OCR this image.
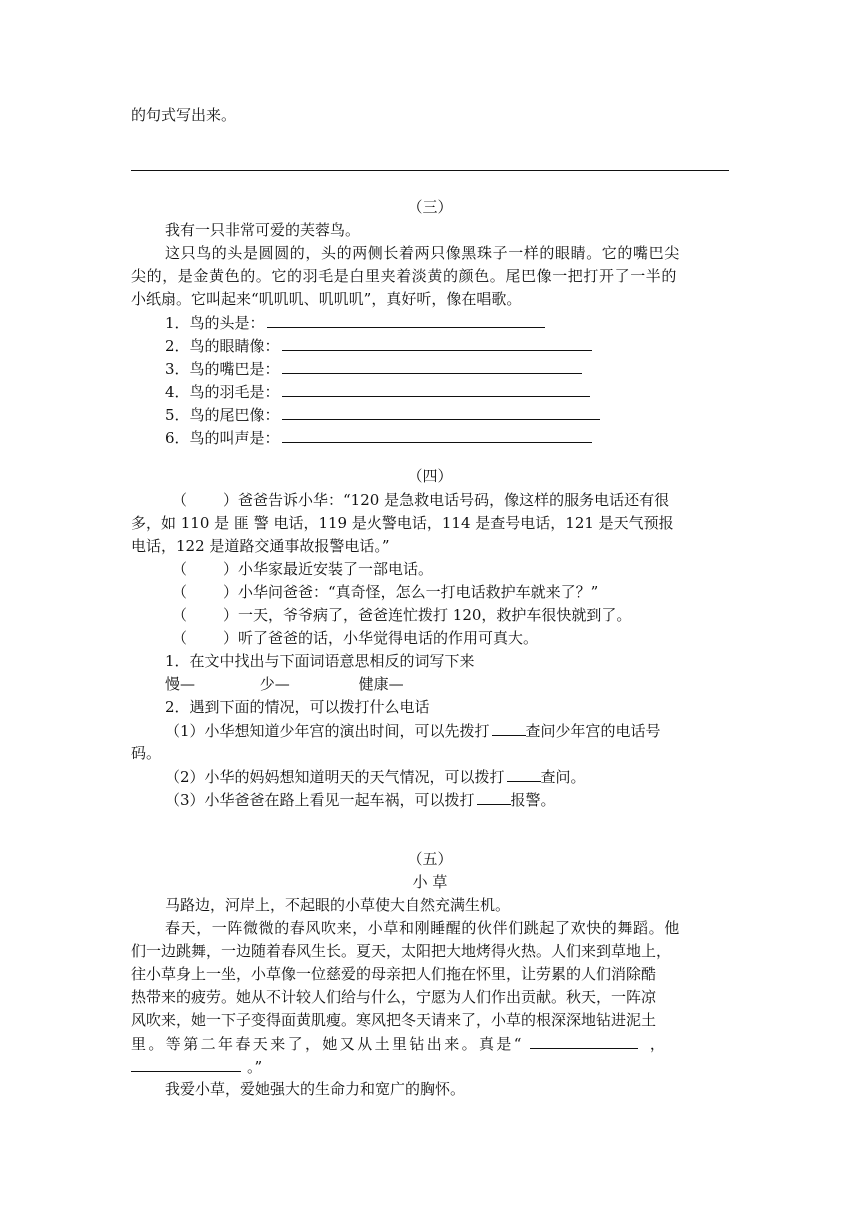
的句式写出来。
（三）
我有一只非常可爱的芙蓉鸟。
这只鸟的头是圆圆的，头的两侧长着两只像黑珠子一样的眼睛。它的嘴巴尖
尖的，是金黄色的。它的羽毛是白里夹着淡黄的颜色。尾巴像一把打开了一半的
小纸扇。它叫起来“叽叽叽、叽叽叽”，真好听，像在唱歌。
1．鸟的头是：
2．鸟的眼睛像：
3．鸟的嘴巴是：
4．鸟的羽毛是：
5．鸟的尾巴像：
6．鸟的叫声是：
（四）
（ ）爸爸告诉小华：“120 是急救电话号码，像这样的服务电话还有很
多，如 110 是 匪 警 电话，119 是火警电话，114 是查号电话，121 是天气预报
电话，122 是道路交通事故报警电话。”
（ ）小华家最近安装了一部电话。
（ ）小华问爸爸：“真奇怪，怎么一打电话救护车就来了？”
（ ）一天，爷爷病了，爸爸连忙拨打 120，救护车很快就到了。
（ ）听了爸爸的话，小华觉得电话的作用可真大。
1．在文中找出与下面词语意思相反的词写下来
慢—	少—	健康—
2．遇到下面的情况，可以拨打什么电话
（1）小华想知道少年宫的演出时间，可以先拨打 查问少年宫的电话号
码。
（2）小华的妈妈想知道明天的天气情况，可以拨打 查问。
（3）小华爸爸在路上看见一起车祸，可以拨打 报警。
（五）
小 草
马路边，河岸上，不起眼的小草使大自然充满生机。
春天，一阵微微的春风吹来，小草和刚睡醒的伙伴们跳起了欢快的舞蹈。他
们一边跳舞，一边随着春风生长。夏天，太阳把大地烤得火热。人们来到草地上，
往小草身上一坐，小草像一位慈爱的母亲把人们拖在怀里，让劳累的人们消除酷
热带来的疲劳。她从不计较人们给与什么，宁愿为人们作出贡献。秋天，一阵凉
风吹来，她一下子变得面黄肌瘦。寒风把冬天请来了，小草的根深深地钻进泥土
里。等第二年春天来了，她又从土里钻出来。真是“	，
。”
我爱小草，爱她强大的生命力和宽广的胸怀。
